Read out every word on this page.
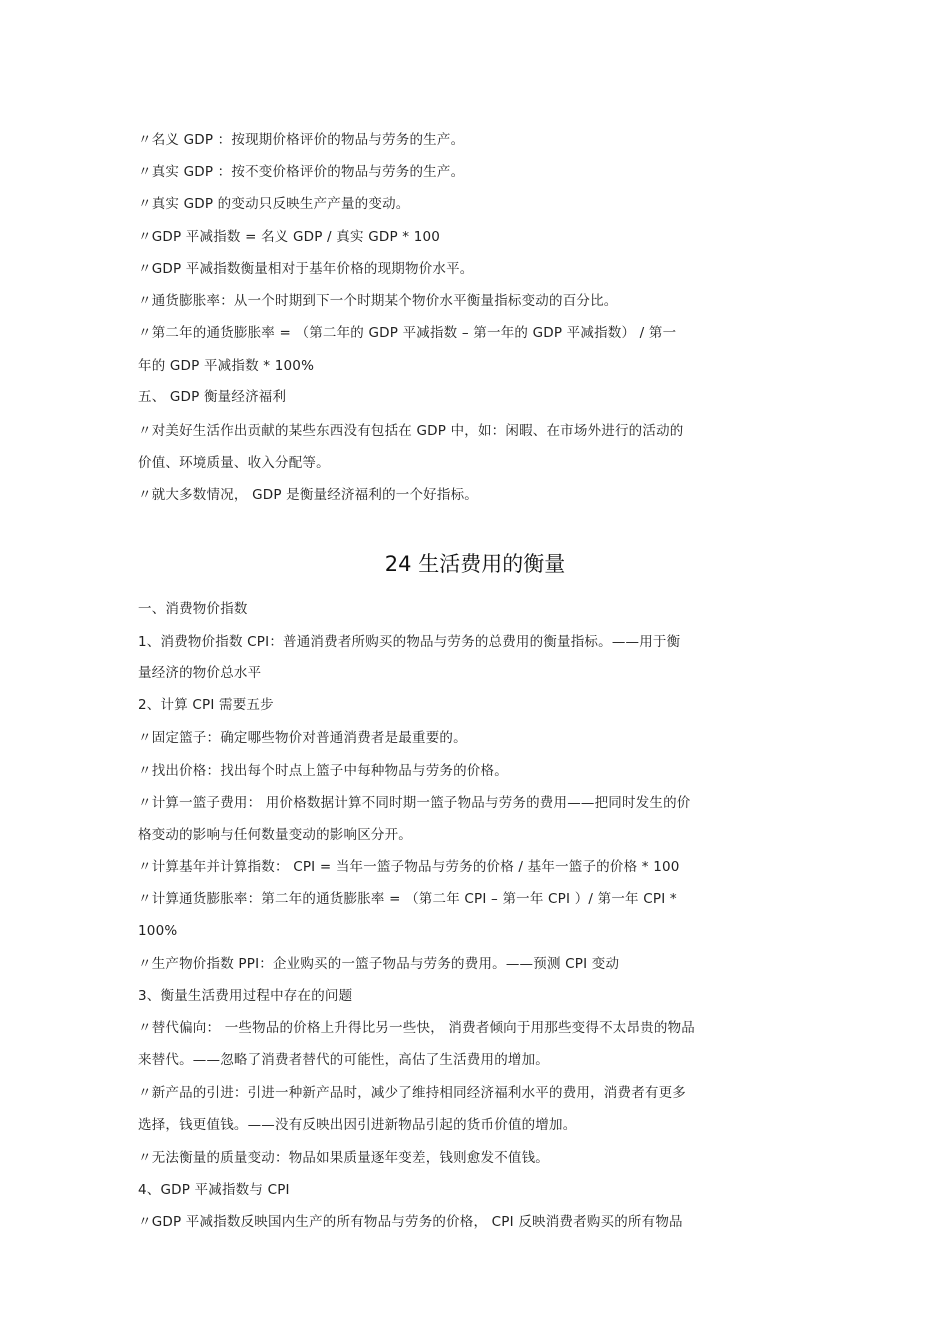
〃名义 GDP ：按现期价格评价的物品与劳务的生产。
〃真实 GDP ：按不变价格评价的物品与劳务的生产。
〃真实 GDP 的变动只反映生产产量的变动。
〃GDP 平减指数 = 名义 GDP / 真实 GDP * 100
〃GDP 平减指数衡量相对于基年价格的现期物价水平。
〃通货膨胀率：从一个时期到下一个时期某个物价水平衡量指标变动的百分比。
〃第二年的通货膨胀率 = （第二年的 GDP 平减指数 – 第一年的 GDP 平减指数） / 第一
年的 GDP 平减指数 * 100%
五、 GDP 衡量经济福利
〃对美好生活作出贡献的某些东西没有包括在 GDP 中，如：闲暇、在市场外进行的活动的
价值、环境质量、收入分配等。
〃就大多数情况， GDP 是衡量经济福利的一个好指标。
24 生活费用的衡量
一、消费物价指数
1、消费物价指数 CPI：普通消费者所购买的物品与劳务的总费用的衡量指标。——用于衡
量经济的物价总水平
2、计算 CPI 需要五步
〃固定篮子：确定哪些物价对普通消费者是最重要的。
〃找出价格：找出每个时点上篮子中每种物品与劳务的价格。
〃计算一篮子费用： 用价格数据计算不同时期一篮子物品与劳务的费用——把同时发生的价
格变动的影响与任何数量变动的影响区分开。
〃计算基年并计算指数： CPI = 当年一篮子物品与劳务的价格 / 基年一篮子的价格 * 100
〃计算通货膨胀率：第二年的通货膨胀率 = （第二年 CPI – 第一年 CPI ）/ 第一年 CPI *
100%
〃生产物价指数 PPI：企业购买的一篮子物品与劳务的费用。——预测 CPI 变动
3、衡量生活费用过程中存在的问题
〃替代偏向： 一些物品的价格上升得比另一些快， 消费者倾向于用那些变得不太昂贵的物品
来替代。——忽略了消费者替代的可能性，高估了生活费用的增加。
〃新产品的引进：引进一种新产品时，减少了维持相同经济福利水平的费用，消费者有更多
选择，钱更值钱。——没有反映出因引进新物品引起的货币价值的增加。
〃无法衡量的质量变动：物品如果质量逐年变差，钱则愈发不值钱。
4、GDP 平减指数与 CPI
〃GDP 平减指数反映国内生产的所有物品与劳务的价格， CPI 反映消费者购买的所有物品
